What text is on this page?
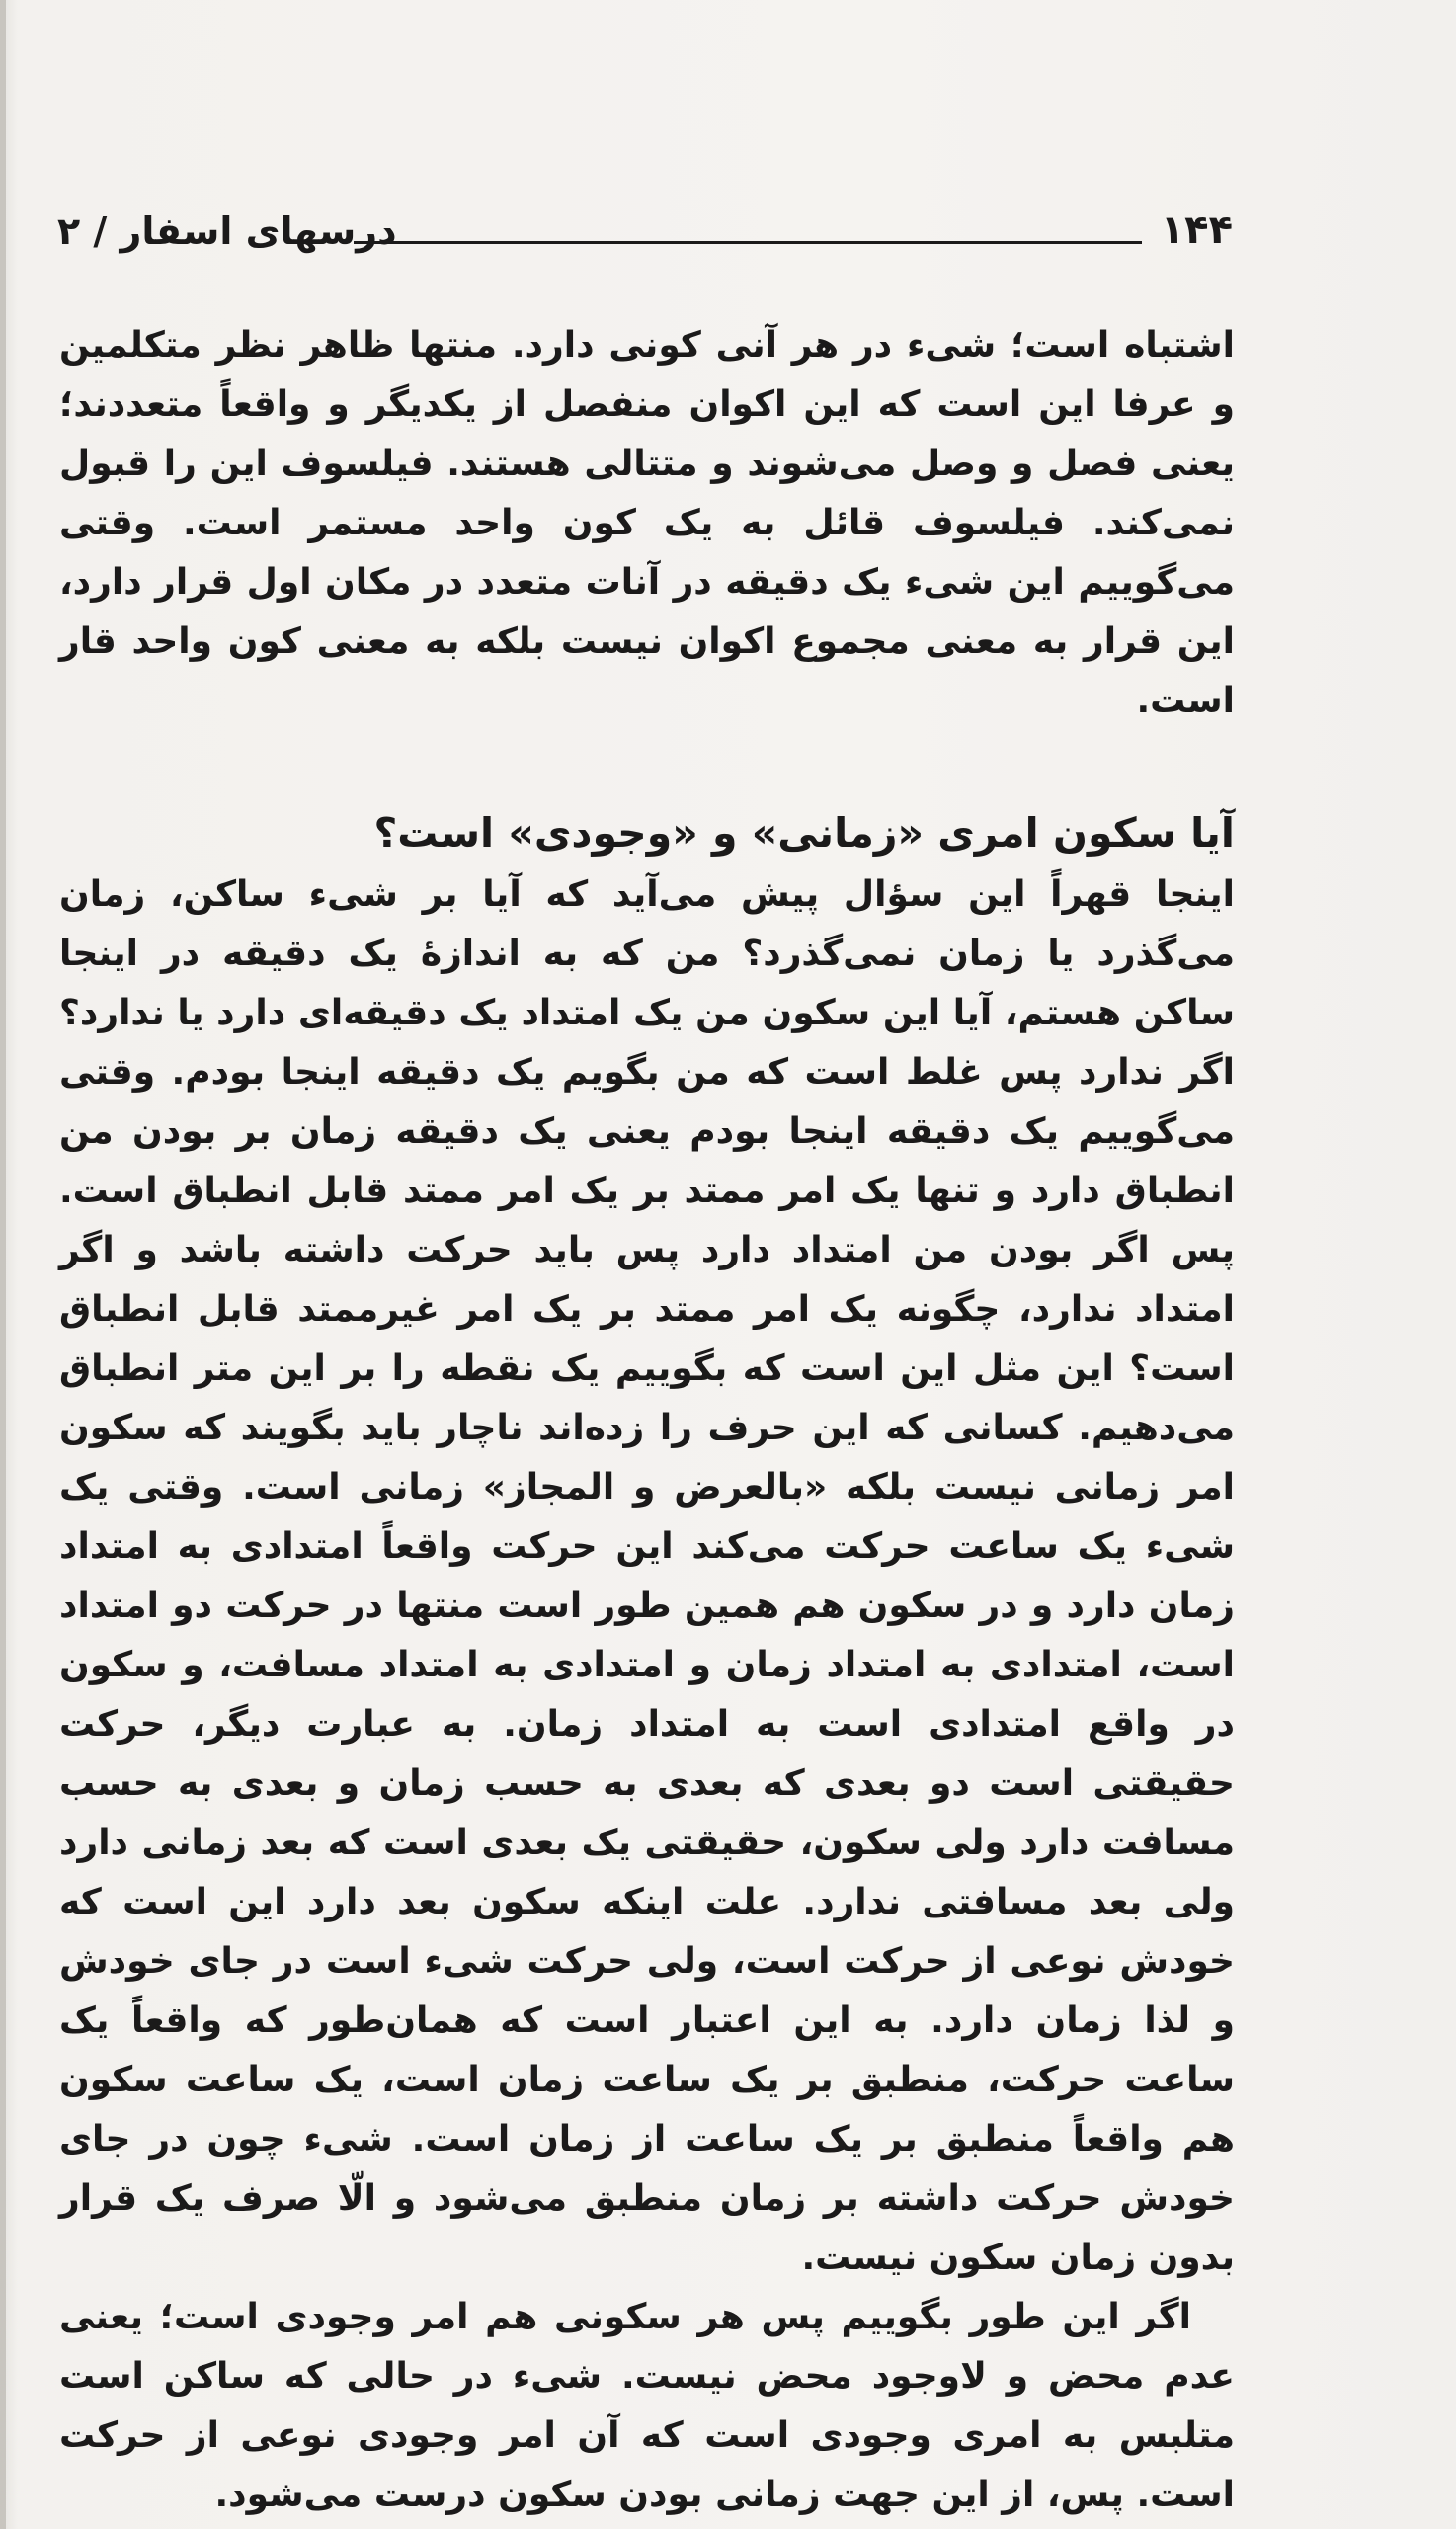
۱۴۴
درسهای اسفار / ۲

اشتباه است؛ شیء در هر آنی کونی دارد. منتها ظاهر نظر متکلمین و عرفا این است که این اکوان منفصل از یکدیگر و واقعاً متعددند؛ یعنی فصل و وصل می‌شوند و متتالی هستند. فیلسوف این را قبول نمی‌کند. فیلسوف قائل به یک کون واحد مستمر است. وقتی می‌گوییم این شیء یک دقیقه در آنات متعدد در مکان اول قرار دارد، این قرار به معنی مجموع اکوان نیست بلکه به معنی کون واحد قار است.

آیا سکون امری «زمانی» و «وجودی» است؟

اینجا قهراً این سؤال پیش می‌آید که آیا بر شیء ساکن، زمان می‌گذرد یا زمان نمی‌گذرد؟ من که به اندازهٔ یک دقیقه در اینجا ساکن هستم، آیا این سکون من یک امتداد یک دقیقه‌ای دارد یا ندارد؟ اگر ندارد پس غلط است که من بگویم یک دقیقه اینجا بودم. وقتی می‌گوییم یک دقیقه اینجا بودم یعنی یک دقیقه زمان بر بودن من انطباق دارد و تنها یک امر ممتد بر یک امر ممتد قابل انطباق است. پس اگر بودن من امتداد دارد پس باید حرکت داشته باشد و اگر امتداد ندارد، چگونه یک امر ممتد بر یک امر غیرممتد قابل انطباق است؟ این مثل این است که بگوییم یک نقطه را بر این متر انطباق می‌دهیم. کسانی که این حرف را زده‌اند ناچار باید بگویند که سکون امر زمانی نیست بلکه «بالعرض و المجاز» زمانی است. وقتی یک شیء یک ساعت حرکت می‌کند این حرکت واقعاً امتدادی به امتداد زمان دارد و در سکون هم همین طور است منتها در حرکت دو امتداد است، امتدادی به امتداد زمان و امتدادی به امتداد مسافت، و سکون در واقع امتدادی است به امتداد زمان. به عبارت دیگر، حرکت حقیقتی است دو بعدی که بعدی به حسب زمان و بعدی به حسب مسافت دارد ولی سکون، حقیقتی یک بعدی است که بعد زمانی دارد ولی بعد مسافتی ندارد. علت اینکه سکون بعد دارد این است که خودش نوعی از حرکت است، ولی حرکت شیء است در جای خودش و لذا زمان دارد. به این اعتبار است که همان‌طور که واقعاً یک ساعت حرکت، منطبق بر یک ساعت زمان است، یک ساعت سکون هم واقعاً منطبق بر یک ساعت از زمان است. شیء چون در جای خودش حرکت داشته بر زمان منطبق می‌شود و الّا صرف یک قرار بدون زمان سکون نیست.

اگر این طور بگوییم پس هر سکونی هم امر وجودی است؛ یعنی عدم محض و لاوجود محض نیست. شیء در حالی که ساکن است متلبس به امری وجودی است که آن امر وجودی نوعی از حرکت است. پس، از این جهت زمانی بودن سکون درست می‌شود.
